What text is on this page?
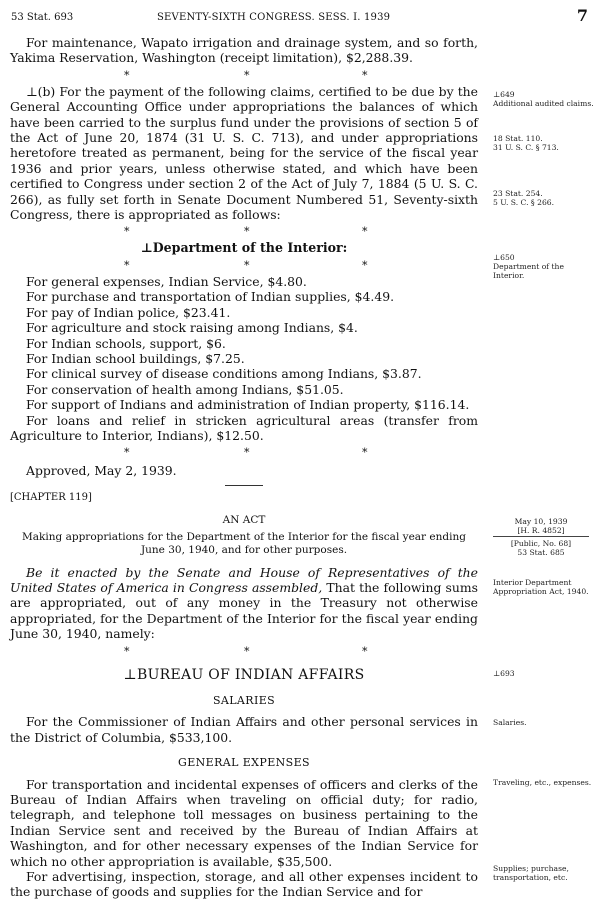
53 Stat. 693	SEVENTY-SIXTH CONGRESS. SESS. I. 1939	7

For maintenance, Wapato irrigation and drainage system, and so forth, Yakima Reservation, Washington (receipt limitation), $2,288.39.

*	*	*

⊥(b) For the payment of the following claims, certified to be due by the General Accounting Office under appropriations the balances of which have been carried to the surplus fund under the provisions of section 5 of the Act of June 20, 1874 (31 U. S. C. 713), and under appropriations heretofore treated as permanent, being for the service of the fiscal year 1936 and prior years, unless otherwise stated, and which have been certified to Congress under section 2 of the Act of July 7, 1884 (5 U. S. C. 266), as fully set forth in Senate Document Numbered 51, Seventy-sixth Congress, there is appropriated as follows:

*	*	*

⊥Department of the Interior:

*	*	*

For general expenses, Indian Service, $4.80.

For purchase and transportation of Indian supplies, $4.49.

For pay of Indian police, $23.41.

For agriculture and stock raising among Indians, $4.

For Indian schools, support, $6.

For Indian school buildings, $7.25.

For clinical survey of disease conditions among Indians, $3.87.

For conservation of health among Indians, $51.05.

For support of Indians and administration of Indian property, $116.14.

For loans and relief in stricken agricultural areas (transfer from Agriculture to Interior, Indians), $12.50.

*	*	*

Approved, May 2, 1939.

[CHAPTER 119]

AN ACT

Making appropriations for the Department of the Interior for the fiscal year ending June 30, 1940, and for other purposes.

Be it enacted by the Senate and House of Representatives of the United States of America in Congress assembled, That the following sums are appropriated, out of any money in the Treasury not otherwise appropriated, for the Department of the Interior for the fiscal year ending June 30, 1940, namely:

*	*	*

⊥BUREAU OF INDIAN AFFAIRS

SALARIES

For the Commissioner of Indian Affairs and other personal services in the District of Columbia, $533,100.

GENERAL EXPENSES

For transportation and incidental expenses of officers and clerks of the Bureau of Indian Affairs when traveling on official duty; for radio, telegraph, and telephone toll messages on business pertaining to the Indian Service sent and received by the Bureau of Indian Affairs at Washington, and for other necessary expenses of the Indian Service for which no other appropriation is available, $35,500.

For advertising, inspection, storage, and all other expenses incident to the purchase of goods and supplies for the Indian Service and for

⊥649
Additional audited claims.
18 Stat. 110.
31 U. S. C. § 713.
23 Stat. 254.
5 U. S. C. § 266.
⊥650
Department of the Interior.
May 10, 1939
[H. R. 4852]
[Public, No. 68]
53 Stat. 685
Interior Department Appropriation Act, 1940.
⊥693
Salaries.
Traveling, etc., expenses.
Supplies; purchase, transportation, etc.
